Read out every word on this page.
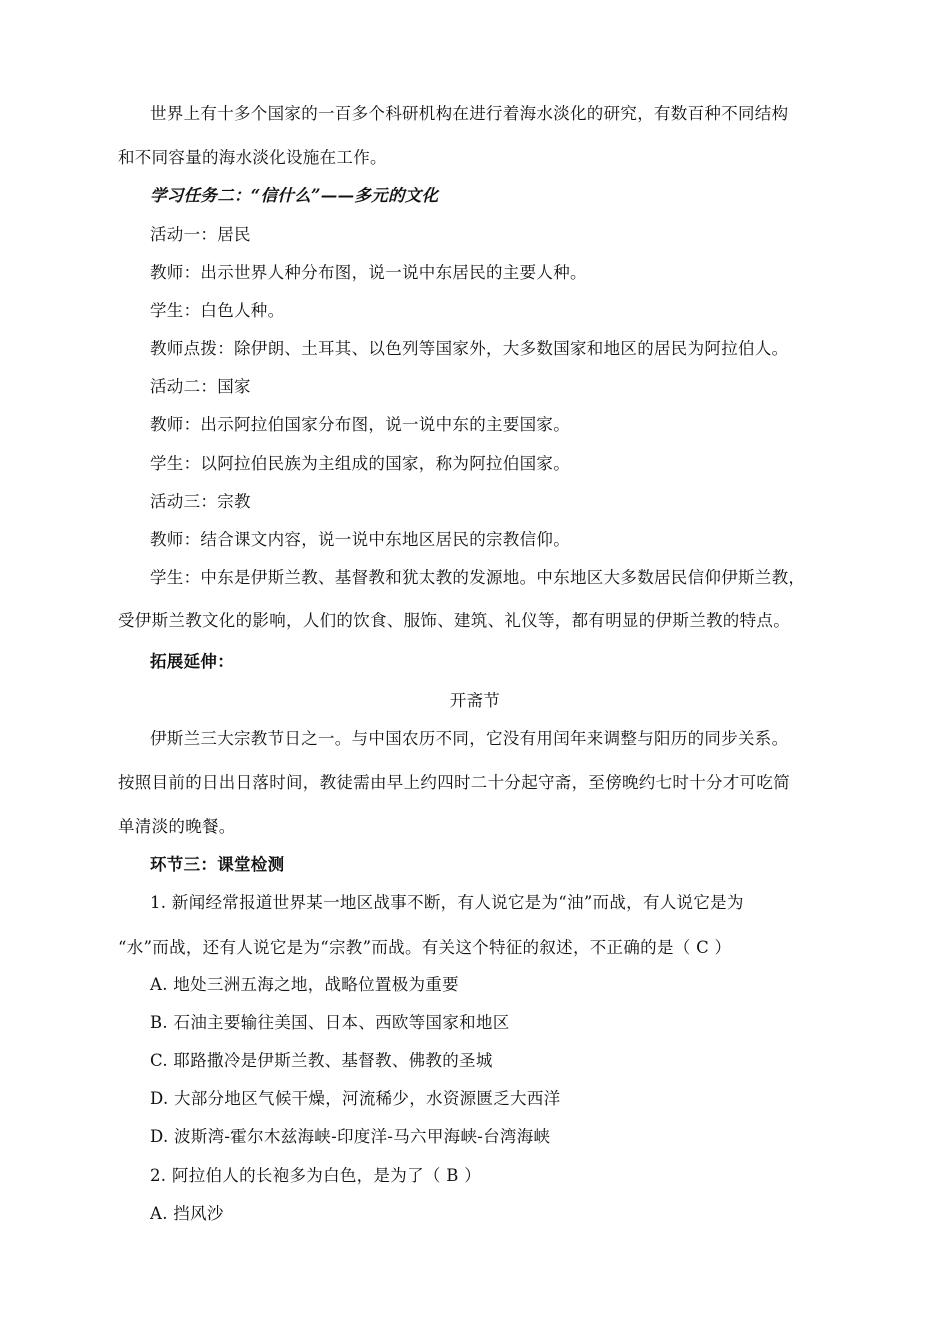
世界上有十多个国家的一百多个科研机构在进行着海水淡化的研究，有数百种不同结构
和不同容量的海水淡化设施在工作。
学习任务二：“信什么”——多元的文化
活动一：居民
教师：出示世界人种分布图，说一说中东居民的主要人种。
学生：白色人种。
教师点拨：除伊朗、土耳其、以色列等国家外，大多数国家和地区的居民为阿拉伯人。
活动二：国家
教师：出示阿拉伯国家分布图，说一说中东的主要国家。
学生：以阿拉伯民族为主组成的国家，称为阿拉伯国家。
活动三：宗教
教师：结合课文内容，说一说中东地区居民的宗教信仰。
学生：中东是伊斯兰教、基督教和犹太教的发源地。中东地区大多数居民信仰伊斯兰教，
受伊斯兰教文化的影响，人们的饮食、服饰、建筑、礼仪等，都有明显的伊斯兰教的特点。
拓展延伸：
开斋节
伊斯兰三大宗教节日之一。与中国农历不同，它没有用闰年来调整与阳历的同步关系。
按照目前的日出日落时间，教徒需由早上约四时二十分起守斋，至傍晚约七时十分才可吃简
单清淡的晚餐。
环节三：课堂检测
1. 新闻经常报道世界某一地区战事不断，有人说它是为“油”而战，有人说它是为
“水”而战，还有人说它是为“宗教”而战。有关这个特征的叙述，不正确的是（ C ）
A. 地处三洲五海之地，战略位置极为重要
B. 石油主要输往美国、日本、西欧等国家和地区
C. 耶路撒冷是伊斯兰教、基督教、佛教的圣城
D. 大部分地区气候干燥，河流稀少，水资源匮乏大西洋
D. 波斯湾-霍尔木兹海峡-印度洋-马六甲海峡-台湾海峡
2. 阿拉伯人的长袍多为白色，是为了（ B ）
A. 挡风沙
